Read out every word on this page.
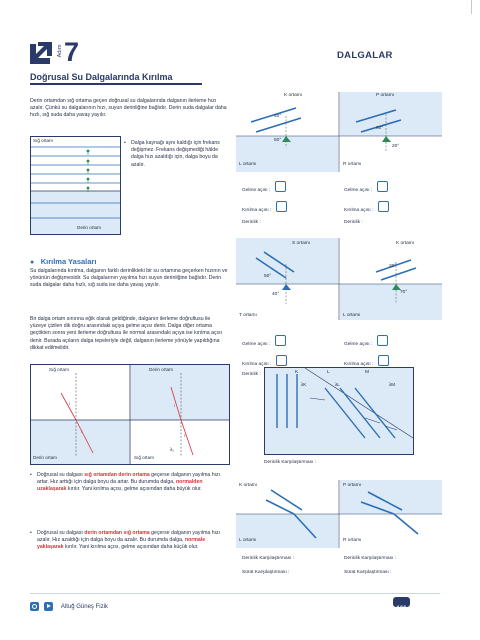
Adım 7	DALGALAR
Doğrusal Su Dalgalarında Kırılma
Derin ortamdan sığ ortama geçen doğrusal su dalgalarında dalganın ilerleme hızı azalır. Çünkü su dalgalarının hızı, suyun derinliğine bağlıdır. Derin suda dalgalar daha hızlı, sığ suda daha yavaş yayılır.
Sığ ortam
Derin ortam
• Dalga kaynağı aynı kaldığı için frekans değişmez. Frekans değişmediği hâlde dalga hızı azaldığı için, dalga boyu da azalır.
● Kırılma Yasaları
Su dalgalarında kırılma, dalganın farklı derinlikteki bir su ortamına geçerken hızının ve yönünün değişmesidir. Su dalgalarının yayılma hızı suyun derinliğine bağlıdır. Derin suda dalgalar daha hızlı, sığ suda ise daha yavaş yayılır.
Bir dalga ortam sınırına eğik olarak geldiğinde, dalganın ilerleme doğrultusu ile yüzeye çizilen dik doğru arasındaki açıya gelme açısı denir. Dalga diğer ortama geçtikten sonra yeni ilerleme doğrultusu ile normal arasındaki açıya ise kırılma açısı denir. Burada açıların dalga tepeleriyle değil, dalganın ilerleme yönüyle yapıldığına dikkat edilmelidir.
Sığ ortam	Derin ortam
Derin ortam	Sığ ortam
i
r
i
r
λ₁
• Doğrusal su dalgası sığ ortamdan derin ortama geçerse dalganın yayılma hızı artar. Hız arttığı için dalga boyu da artar. Bu durumda dalga, normalden uzaklaşarak kırılır. Yani kırılma açısı, gelme açısından daha büyük olur.
• Doğrusal su dalgası derin ortamdan sığ ortama geçerse dalganın yayılma hızı azalır. Hız azaldığı için dalga boyu da azalır. Bu durumda dalga, normale yaklaşarak kırılır. Yani kırılma açısı, gelme açısından daha küçük olur.
K ortamı	P ortamı
L ortamı	R ortamı
40°
50°
60°
20°
Gelme açısı :	Gelme açısı :
Kırılma açısı :	Kırılma açısı :
Derinlik :	Derinlik :
S ortamı	K ortamı
T ortamı	L ortamı
50°
40°
20°
70°
Gelme açısı :	Gelme açısı :
Kırılma açısı :	Kırılma açısı :
Derinlik :	K	L	M
λK	λL	λM
Derinlik Karşılaştırması :
K ortamı	P ortamı
L ortamı	R ortamı
Derinlik Karşılaştırması :	Derinlik Karşılaştırması :
Sürat Karşılaştırması :	Sürat Karşılaştırması :

Altuğ Güneş Fizik	166
